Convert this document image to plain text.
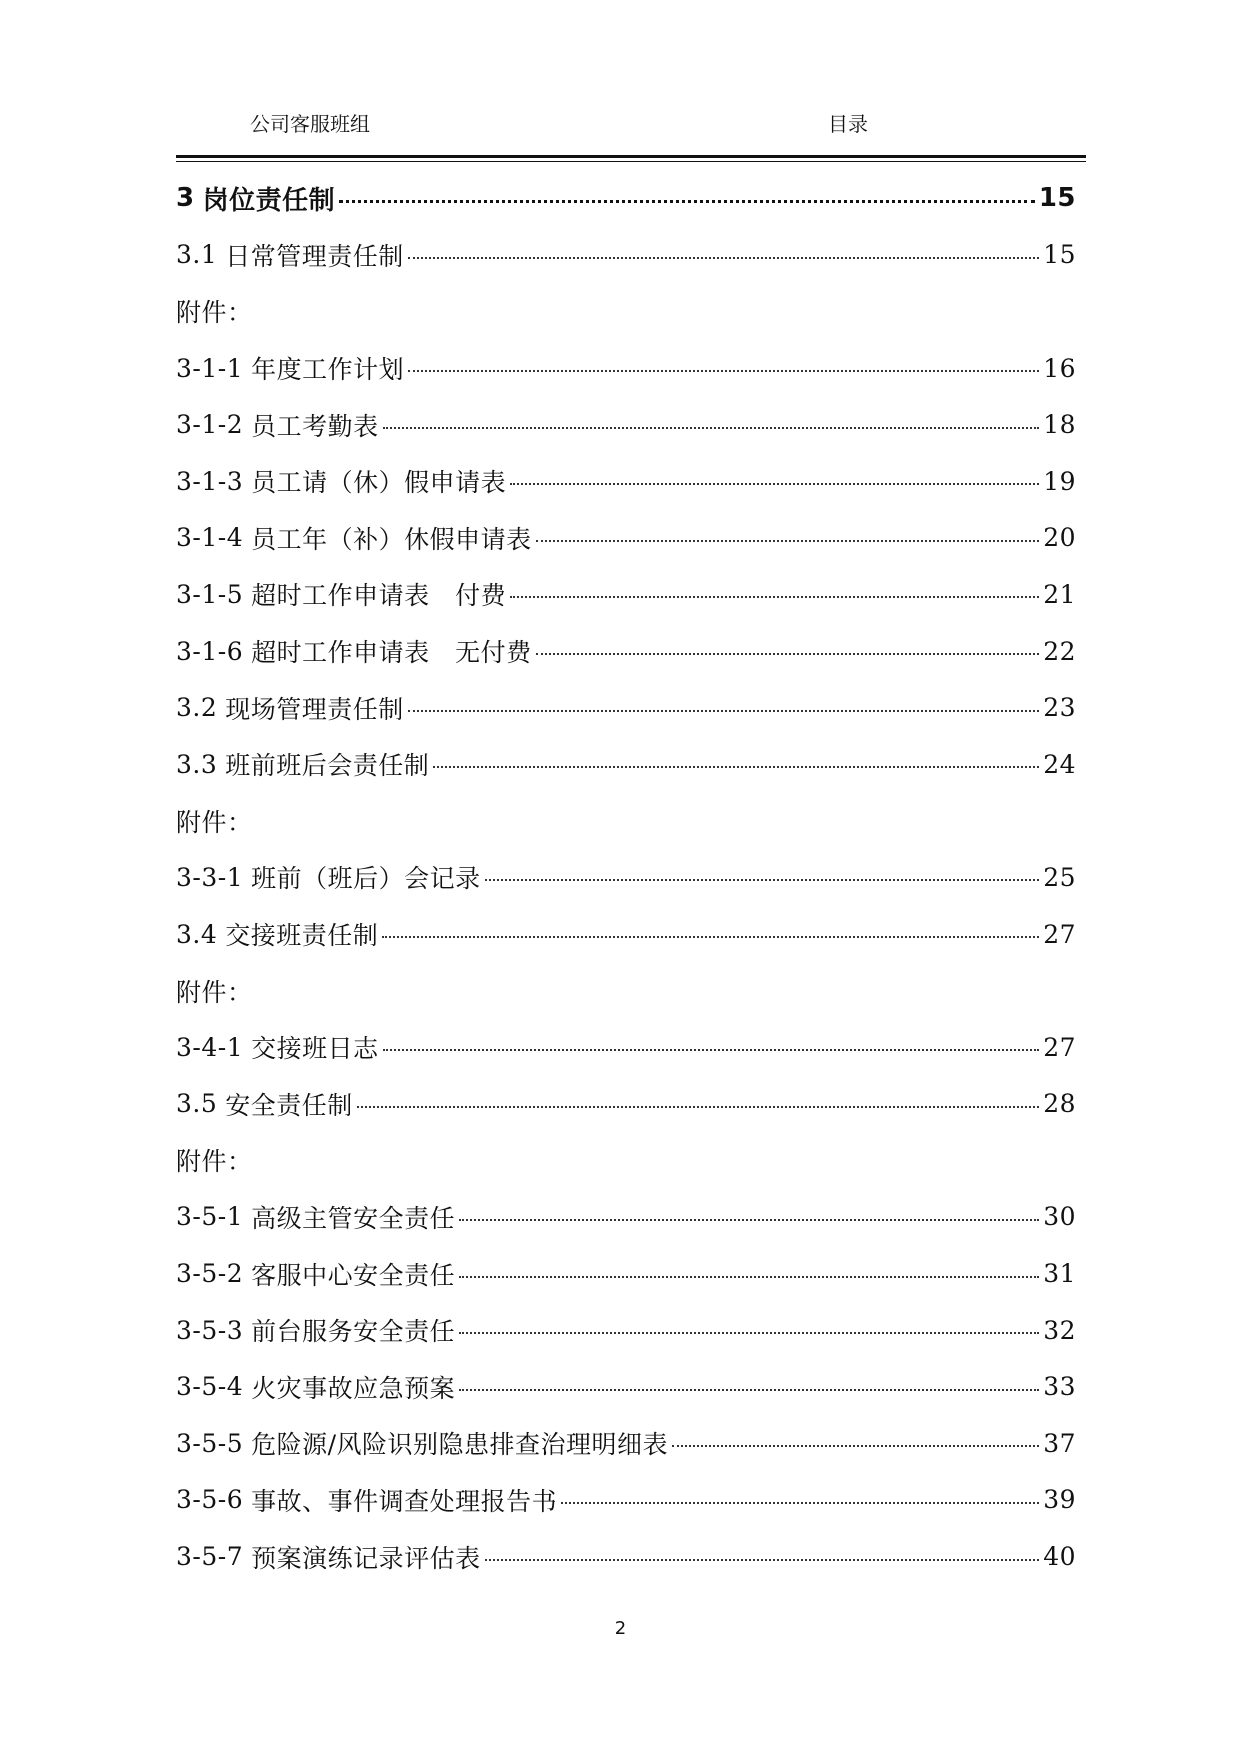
公司客服班组	目录
3 岗位责任制	15
3.1 日常管理责任制	15
附件：
3-1-1 年度工作计划	16
3-1-2 员工考勤表	18
3-1-3 员工请（休）假申请表	19
3-1-4 员工年（补）休假申请表	20
3-1-5 超时工作申请表　付费	21
3-1-6 超时工作申请表　无付费	22
3.2 现场管理责任制	23
3.3 班前班后会责任制	24
附件：
3-3-1 班前（班后）会记录	25
3.4 交接班责任制	27
附件：
3-4-1 交接班日志	27
3.5 安全责任制	28
附件：
3-5-1 高级主管安全责任	30
3-5-2 客服中心安全责任	31
3-5-3 前台服务安全责任	32
3-5-4 火灾事故应急预案	33
3-5-5 危险源/风险识别隐患排查治理明细表	37
3-5-6 事故、事件调查处理报告书	39
3-5-7 预案演练记录评估表	40
2
